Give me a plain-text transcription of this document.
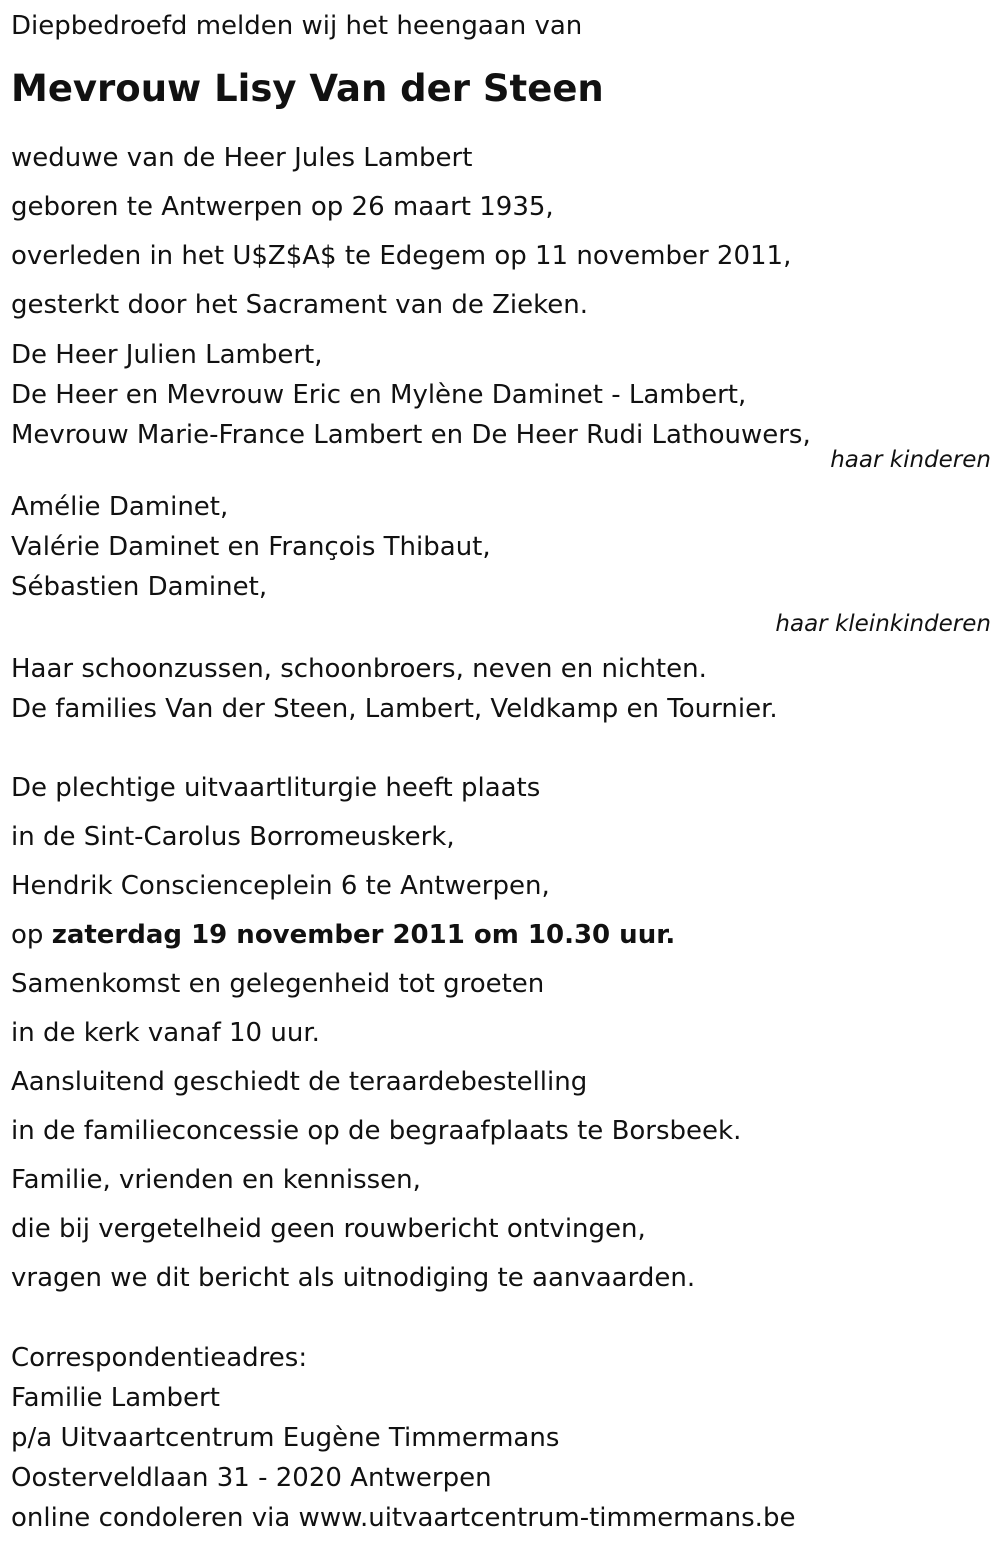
Diepbedroefd melden wij het heengaan van
Mevrouw Lisy Van der Steen
weduwe van de Heer Jules Lambert
geboren te Antwerpen op 26 maart 1935,
overleden in het U$Z$A$ te Edegem op 11 november 2011,
gesterkt door het Sacrament van de Zieken.
De Heer Julien Lambert,
De Heer en Mevrouw Eric en Mylène Daminet - Lambert,
Mevrouw Marie-France Lambert en De Heer Rudi Lathouwers,
haar kinderen
Amélie Daminet,
Valérie Daminet en François Thibaut,
Sébastien Daminet,
haar kleinkinderen
Haar schoonzussen, schoonbroers, neven en nichten.
De families Van der Steen, Lambert, Veldkamp en Tournier.
De plechtige uitvaartliturgie heeft plaats
in de Sint-Carolus Borromeuskerk,
Hendrik Conscienceplein 6 te Antwerpen,
op zaterdag 19 november 2011 om 10.30 uur.
Samenkomst en gelegenheid tot groeten
in de kerk vanaf 10 uur.
Aansluitend geschiedt de teraardebestelling
in de familieconcessie op de begraafplaats te Borsbeek.
Familie, vrienden en kennissen,
die bij vergetelheid geen rouwbericht ontvingen,
vragen we dit bericht als uitnodiging te aanvaarden.
Correspondentieadres:
Familie Lambert
p/a Uitvaartcentrum Eugène Timmermans
Oosterveldlaan 31 - 2020 Antwerpen
online condoleren via www.uitvaartcentrum-timmermans.be
